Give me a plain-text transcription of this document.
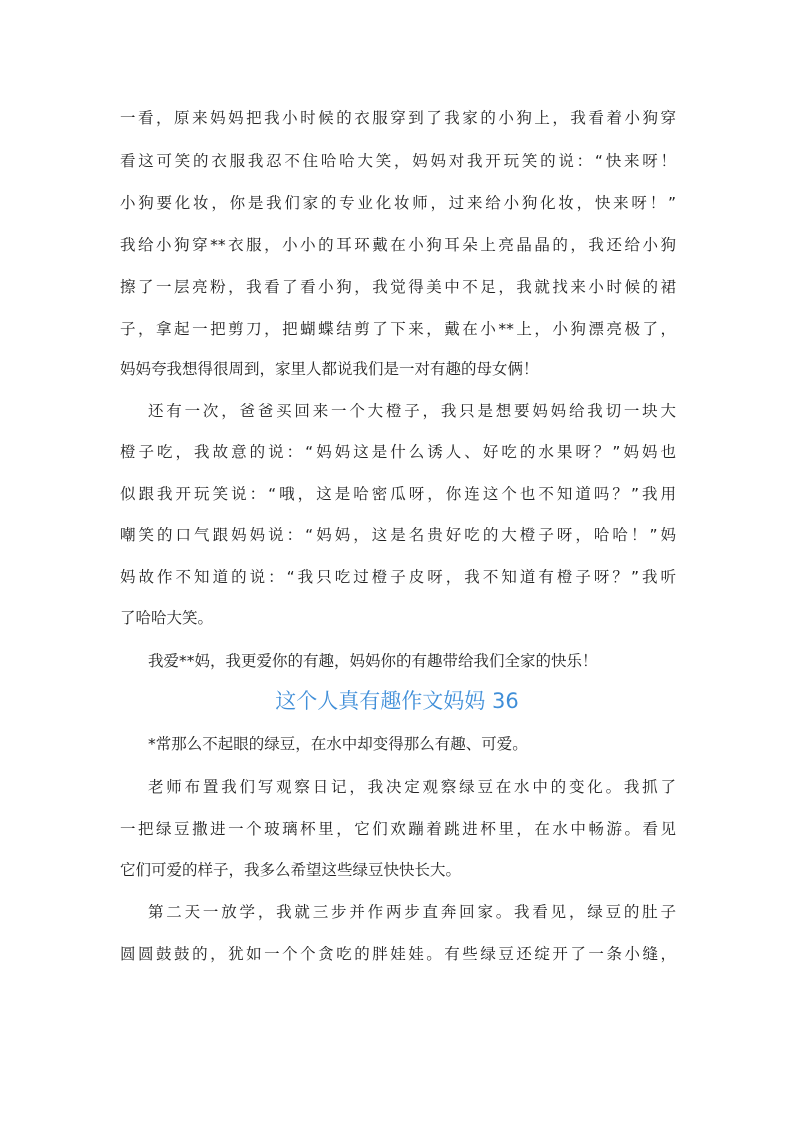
一看，原来妈妈把我小时候的衣服穿到了我家的小狗上，我看着小狗穿
看这可笑的衣服我忍不住哈哈大笑，妈妈对我开玩笑的说：“快来呀！
小狗要化妆，你是我们家的专业化妆师，过来给小狗化妆，快来呀！”
我给小狗穿**衣服，小小的耳环戴在小狗耳朵上亮晶晶的，我还给小狗
擦了一层亮粉，我看了看小狗，我觉得美中不足，我就找来小时候的裙
子，拿起一把剪刀，把蝴蝶结剪了下来，戴在小**上，小狗漂亮极了，
妈妈夸我想得很周到，家里人都说我们是一对有趣的母女俩！
还有一次，爸爸买回来一个大橙子，我只是想要妈妈给我切一块大
橙子吃，我故意的说：“妈妈这是什么诱人、好吃的水果呀？”妈妈也
似跟我开玩笑说：“哦，这是哈密瓜呀，你连这个也不知道吗？”我用
嘲笑的口气跟妈妈说：“妈妈，这是名贵好吃的大橙子呀，哈哈！”妈
妈故作不知道的说：“我只吃过橙子皮呀，我不知道有橙子呀？”我听
了哈哈大笑。
我爱**妈，我更爱你的有趣，妈妈你的有趣带给我们全家的快乐！
这个人真有趣作文妈妈 36
*常那么不起眼的绿豆，在水中却变得那么有趣、可爱。
老师布置我们写观察日记，我决定观察绿豆在水中的变化。我抓了
一把绿豆撒进一个玻璃杯里，它们欢蹦着跳进杯里，在水中畅游。看见
它们可爱的样子，我多么希望这些绿豆快快长大。
第二天一放学，我就三步并作两步直奔回家。我看见，绿豆的肚子
圆圆鼓鼓的，犹如一个个贪吃的胖娃娃。有些绿豆还绽开了一条小缝，
